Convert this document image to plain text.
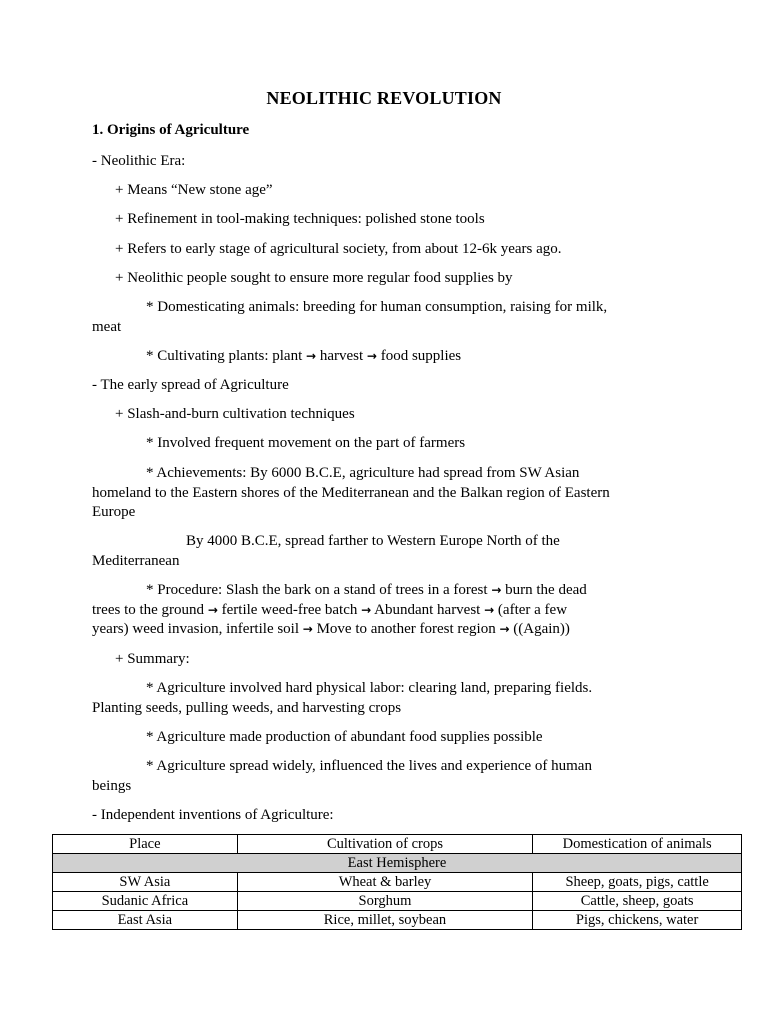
NEOLITHIC REVOLUTION
1. Origins of Agriculture
- Neolithic Era:
+ Means “New stone age”
+ Refinement in tool-making techniques: polished stone tools
+ Refers to early stage of agricultural society, from about 12-6k years ago.
+ Neolithic people sought to ensure more regular food supplies by
* Domesticating animals: breeding for human consumption, raising for milk,
meat
* Cultivating plants: plant → harvest → food supplies
- The early spread of Agriculture
+ Slash-and-burn cultivation techniques
* Involved frequent movement on the part of farmers
* Achievements: By 6000 B.C.E, agriculture had spread from SW Asian
homeland to the Eastern shores of the Mediterranean and the Balkan region of Eastern
Europe
By 4000 B.C.E, spread farther to Western Europe North of the
Mediterranean
* Procedure: Slash the bark on a stand of trees in a forest → burn the dead
trees to the ground → fertile weed-free batch → Abundant harvest → (after a few
years) weed invasion, infertile soil → Move to another forest region → ((Again))
+ Summary:
* Agriculture involved hard physical labor: clearing land, preparing fields.
Planting seeds, pulling weeds, and harvesting crops
* Agriculture made production of abundant food supplies possible
* Agriculture spread widely, influenced the lives and experience of human
beings
- Independent inventions of Agriculture:
Place	Cultivation of crops	Domestication of animals
East Hemisphere		
SW Asia	Wheat & barley	Sheep, goats, pigs, cattle
Sudanic Africa	Sorghum	Cattle, sheep, goats
East Asia	Rice, millet, soybean	Pigs, chickens, water
